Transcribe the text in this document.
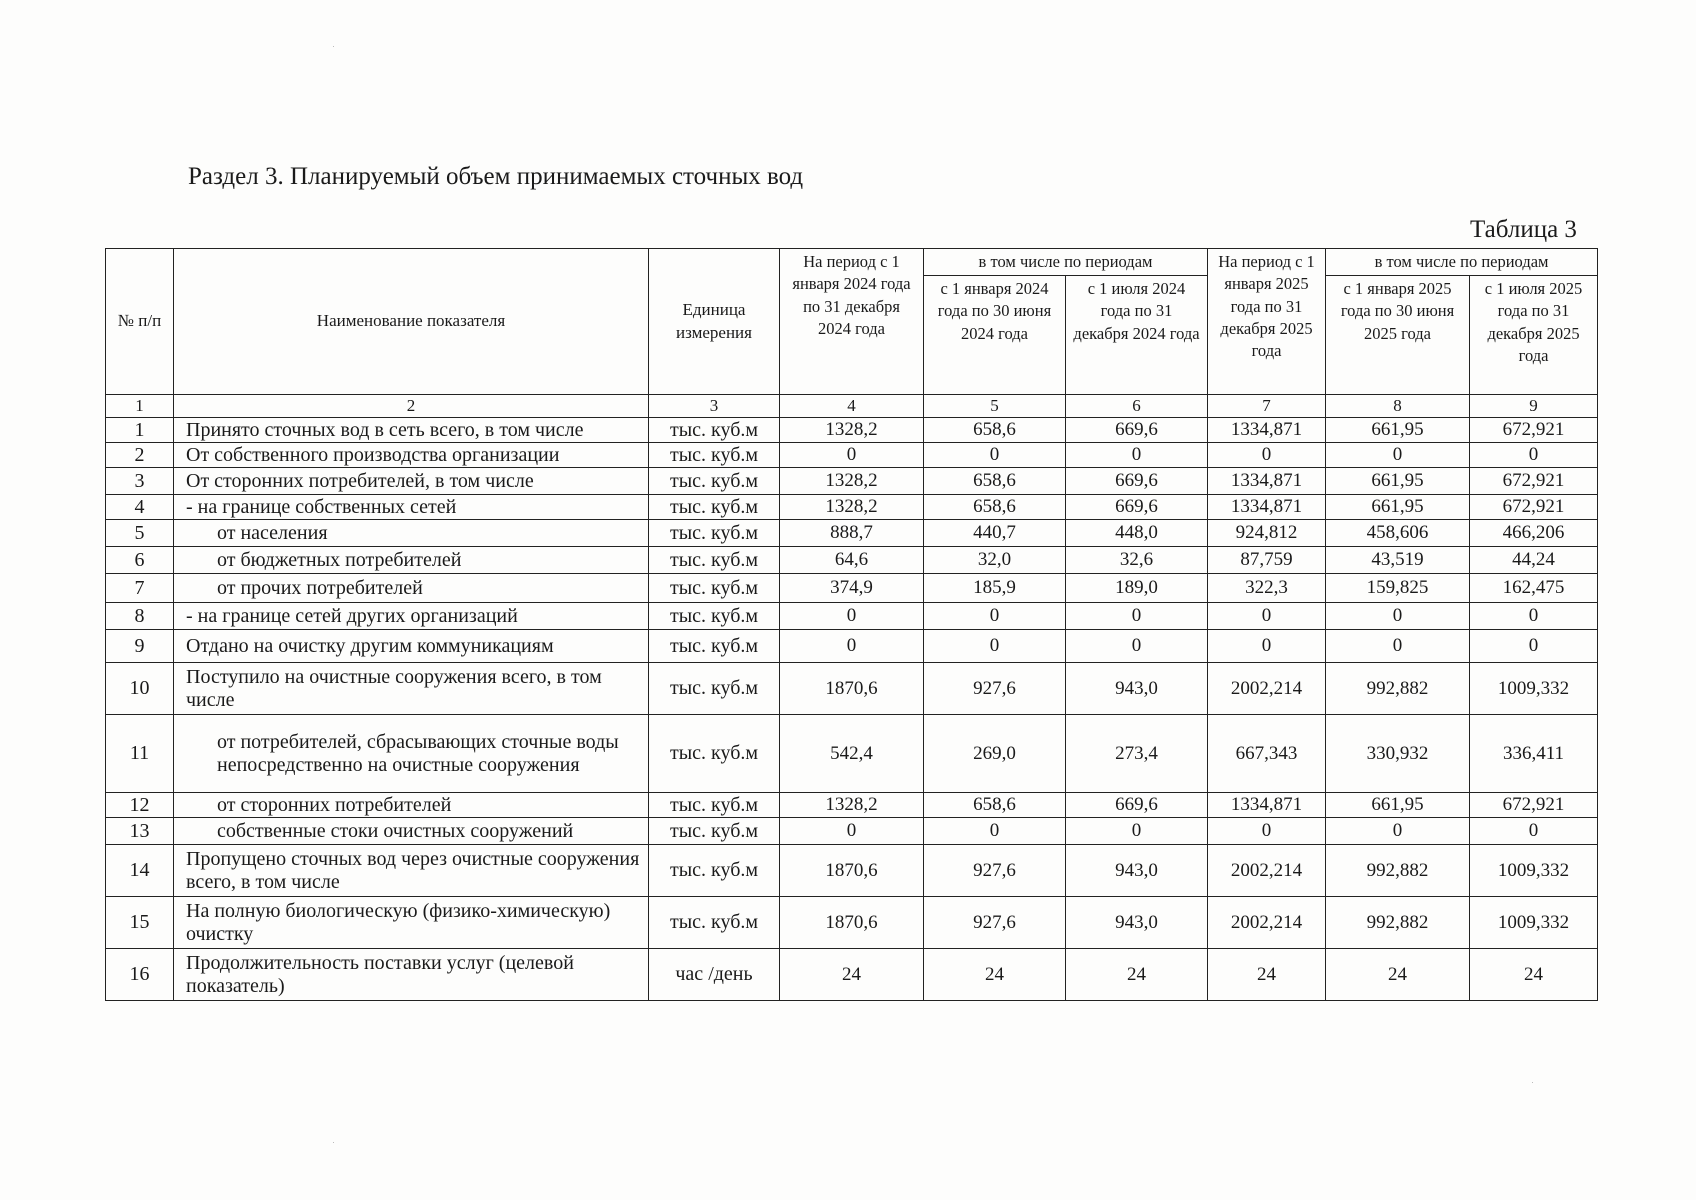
Раздел 3. Планируемый объем принимаемых сточных вод
Таблица 3
№ п/п	Наименование показателя	Единица измерения	На период с 1 января 2024 года по 31 декабря 2024 года	в том числе по периодам		На период с 1 января 2025 года по 31 декабря 2025 года	в том числе по периодам	
				с 1 января 2024 года по 30 июня 2024 года	с 1 июля 2024 года по 31 декабря 2024 года		с 1 января 2025 года по 30 июня 2025 года	с 1 июля 2025 года по 31 декабря 2025 года
1	2	3	4	5	6	7	8	9
1	Принято сточных вод в сеть всего, в том числе	тыс. куб.м	1328,2	658,6	669,6	1334,871	661,95	672,921
2	От собственного производства организации	тыс. куб.м	0	0	0	0	0	0
3	От сторонних потребителей, в том числе	тыс. куб.м	1328,2	658,6	669,6	1334,871	661,95	672,921
4	- на границе собственных сетей	тыс. куб.м	1328,2	658,6	669,6	1334,871	661,95	672,921
5	от населения	тыс. куб.м	888,7	440,7	448,0	924,812	458,606	466,206
6	от бюджетных потребителей	тыс. куб.м	64,6	32,0	32,6	87,759	43,519	44,24
7	от прочих потребителей	тыс. куб.м	374,9	185,9	189,0	322,3	159,825	162,475
8	- на границе сетей других организаций	тыс. куб.м	0	0	0	0	0	0
9	Отдано на очистку другим коммуникациям	тыс. куб.м	0	0	0	0	0	0
10	Поступило на очистные сооружения всего, в том числе	тыс. куб.м	1870,6	927,6	943,0	2002,214	992,882	1009,332
11	от потребителей, сбрасывающих сточные воды непосредственно на очистные сооружения	тыс. куб.м	542,4	269,0	273,4	667,343	330,932	336,411
12	от сторонних потребителей	тыс. куб.м	1328,2	658,6	669,6	1334,871	661,95	672,921
13	собственные стоки очистных сооружений	тыс. куб.м	0	0	0	0	0	0
14	Пропущено сточных вод через очистные сооружения всего, в том числе	тыс. куб.м	1870,6	927,6	943,0	2002,214	992,882	1009,332
15	На полную биологическую (физико-химическую) очистку	тыс. куб.м	1870,6	927,6	943,0	2002,214	992,882	1009,332
16	Продолжительность поставки услуг (целевой показатель)	час /день	24	24	24	24	24	24
